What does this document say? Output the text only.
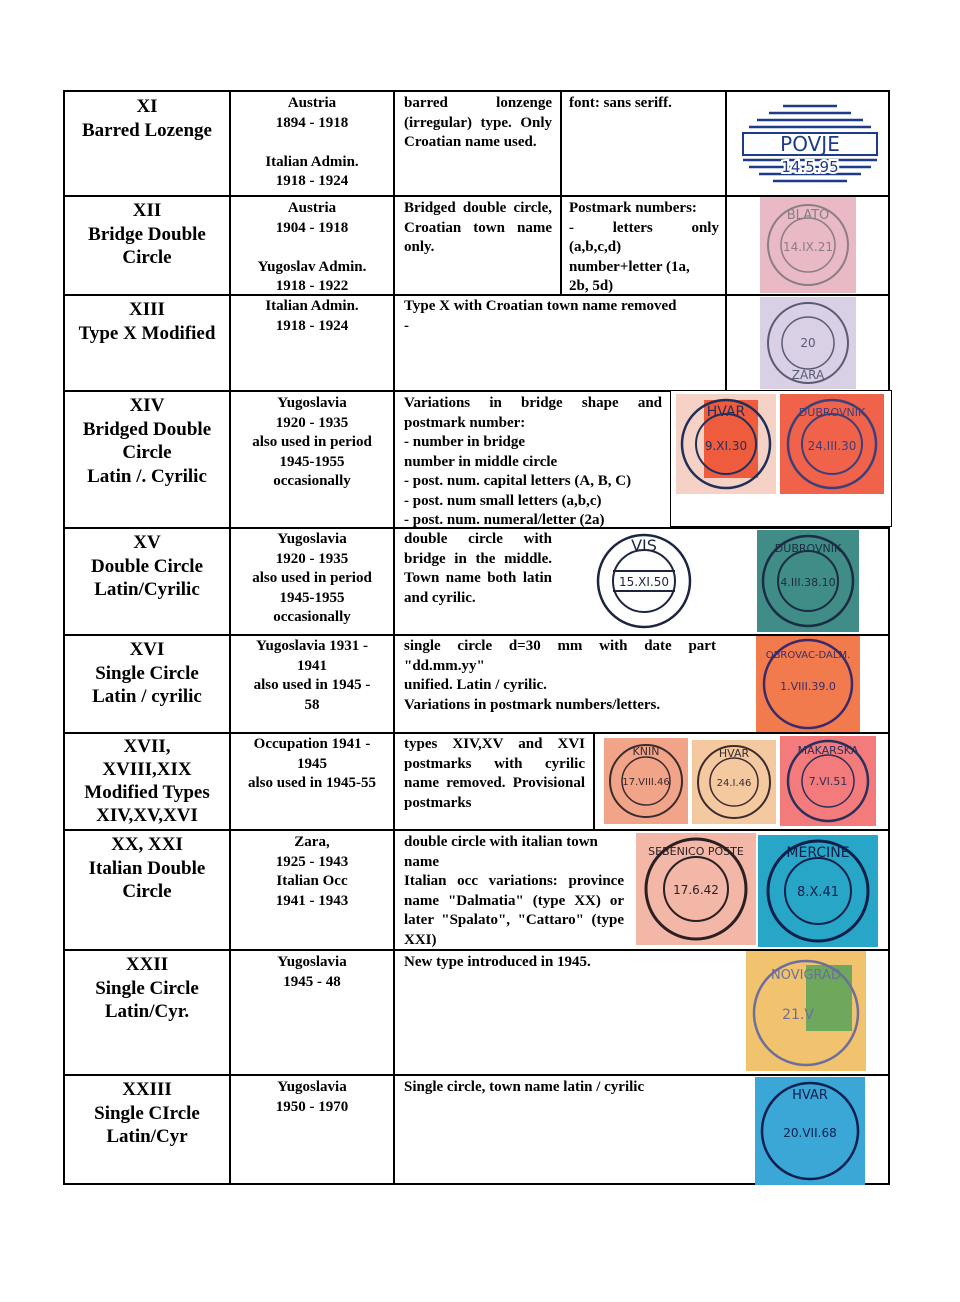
XI
Barred Lozenge
Austria
1894 - 1918
Italian Admin.
1918 - 1924

barred lonzenge (irregular) type. Only Croatian name used.

font: sans seriff.
POVJE
14.5.95
XII
Bridge Double
Circle
Austria
1904 - 1918
Yugoslav Admin.
1918 - 1922

Bridged double circle, Croatian town name only.

Postmark numbers:
-	letters	only
(a,b,c,d)
number+letter (1a,
2b, 5d)
BLATO
14.IX.21
XIII
Type X Modified
Italian Admin.
1918 - 1924
Type X with Croatian town name removed
-
20
ZARA
XIV
Bridged Double
Circle
Latin /. Cyrilic
Yugoslavia
1920 - 1935
also used in period
1945-1955
occasionally
Variations in bridge shape and
postmark number:
- number in bridge
number in middle circle
- post. num. capital letters (A, B, C)
- post. num small letters (a,b,c)
- post. num. numeral/letter (2a)
HVAR
9.XI.30
DUBROVNIK
24.III.30
XV
Double Circle
Latin/Cyrilic
Yugoslavia
1920 - 1935
also used in period
1945-1955
occasionally

double circle with bridge in the middle. Town name both latin and cyrilic.

VIS
15.XI.50
DUBROVNIK
4.III.38.10
XVI
Single Circle
Latin / cyrilic
Yugoslavia 1931 -
1941
also used in 1945 -
58
single circle d=30 mm with date part
"dd.mm.yy"
unified. Latin / cyrilic.
Variations in postmark numbers/letters.
OBROVAC-DALM.
1.VIII.39.0
XVII,
XVIII,XIX
Modified Types
XIV,XV,XVI
Occupation 1941 -
1945
also used in 1945-55

types XIV,XV and XVI postmarks with cyrilic name removed. Provisional postmarks

KNIN
17.VIII.46
HVAR
24.I.46
MAKARSKA
7.VI.51
XX, XXI
Italian Double
Circle
Zara,
1925 - 1943
Italian Occ
1941 - 1943

double circle with italian town name

Italian occ variations: province name "Dalmatia" (type XX) or later "Spalato", "Cattaro" (type XXI)

SEBENICO POSTE
17.6.42
MERCINE
8.X.41
XXII
Single Circle
Latin/Cyr.
Yugoslavia
1945 - 48
New type introduced in 1945.
NOVIGRAD
21.V
XXIII
Single CIrcle
Latin/Cyr
Yugoslavia
1950 - 1970
Single circle, town name latin / cyrilic
HVAR
20.VII.68
